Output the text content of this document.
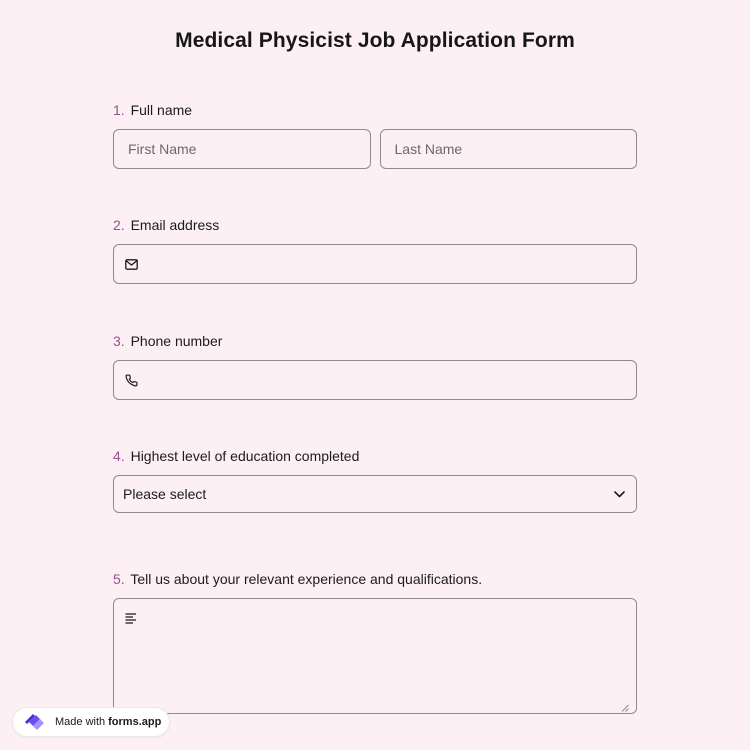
Medical Physicist Job Application Form
1. Full name
First Name	Last Name
2. Email address
3. Phone number
4. Highest level of education completed
Please select
5. Tell us about your relevant experience and qualifications.
Made with forms.app
